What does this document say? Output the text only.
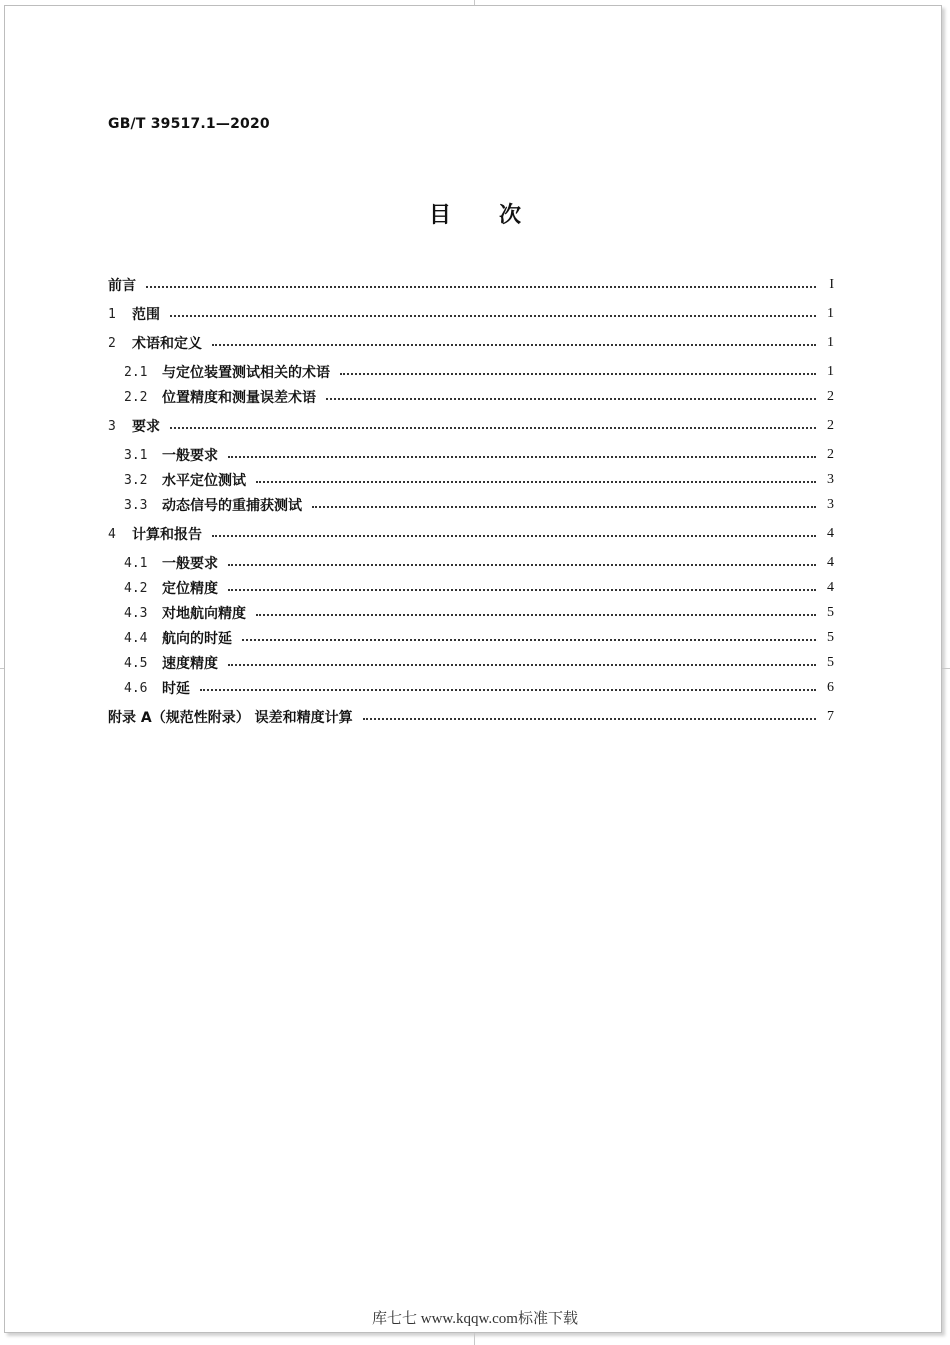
GB/T 39517.1—2020
目 次
前言	I
1	范围	1
2	术语和定义	1
2.1	与定位装置测试相关的术语	1
2.2	位置精度和测量误差术语	2
3	要求	2
3.1	一般要求	2
3.2	水平定位测试	3
3.3	动态信号的重捕获测试	3
4	计算和报告	4
4.1	一般要求	4
4.2	定位精度	4
4.3	对地航向精度	5
4.4	航向的时延	5
4.5	速度精度	5
4.6	时延	6
附录 A（规范性附录） 误差和精度计算	7
库七七 www.kqqw.com标准下载
